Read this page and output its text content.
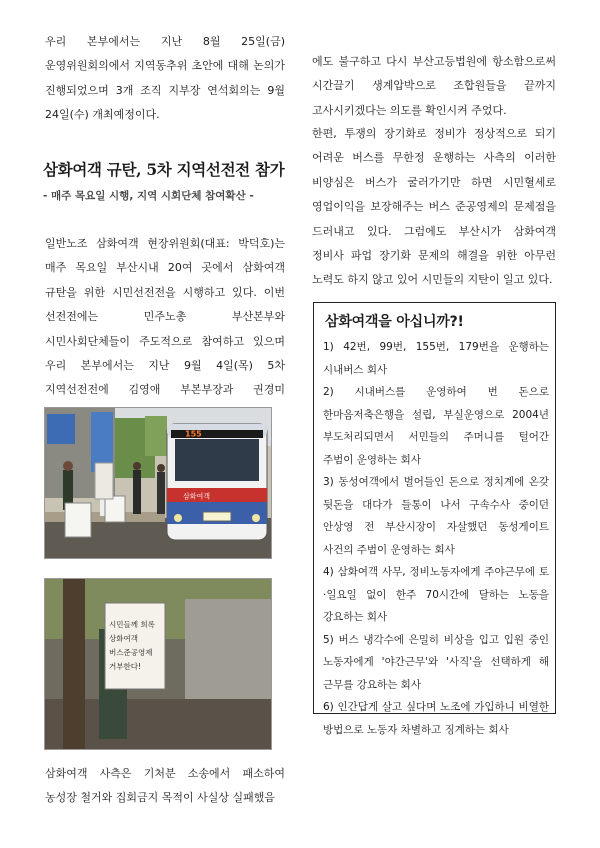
우리 본부에서는 지난 8월 25일(금) 운영위원회의에서 지역동추위 초안에 대해 논의가 진행되었으며 3개 조직 지부장 연석회의는 9월 24일(수) 개최예정이다.

삼화여객 규탄, 5차 지역선전전 참가

- 매주 목요일 시행, 지역 시회단체 참여확산 -

일반노조 삼화여객 현장위원회(대표: 박덕호)는 매주 목요일 부산시내 20여 곳에서 삼화여객 규탄을 위한 시민선전전을 시행하고 있다. 이번 선전전에는 민주노총 부산본부와 시민사회단체들이 주도적으로 참여하고 있으며 우리 본부에서는 지난 9월 4일(목) 5차 지역선전전에 김영애 부본부장과 권경미

155
삼화여객
시민들께 희록
상화여객
버스준공영제
거부한다!

삼화여객 사측은 기처분 소송에서 패소하여 농성장 철거와 집회금지 목적이 사실상 실패했음

에도 불구하고 다시 부산고등법원에 항소함으로써 시간끌기 생계압박으로 조합원들을 끝까지 고사시키겠다는 의도를 확인시켜 주었다.

한편, 투쟁의 장기화로 정비가 정상적으로 되기 어려운 버스를 무한정 운행하는 사측의 이러한 비양심은 버스가 굴러가기만 하면 시민혈세로 영업이익을 보장해주는 버스 준공영제의 문제점을 드러내고 있다. 그럼에도 부산시가 삼화여객 정비사 파업 장기화 문제의 해결을 위한 아무런 노력도 하지 않고 있어 시민들의 지탄이 일고 있다.

삼화여객을 아십니까?!

1) 42번, 99번, 155번, 179번을 운행하는 시내버스 회사

2) 시내버스를 운영하여 번 돈으로 한마음저축은행을 설립, 부실운영으로 2004년 부도처리되면서 서민들의 주머니를 털어간 주범이 운영하는 회사

3) 동성여객에서 벌어들인 돈으로 정치계에 온갖 뒷돈을 대다가 들통이 나서 구속수사 중이던 안상영 전 부산시장이 자살했던 동성게이트 사건의 주범이 운영하는 회사

4) 삼화여객 사무, 정비노동자에게 주야근무에 토·일요일 없이 한주 70시간에 달하는 노동을 강요하는 회사

5) 버스 냉각수에 은밀히 비상을 입고 입원 중인 노동자에게 '야간근무'와 '사직'을 선택하게 해 근무를 강요하는 회사

6) 인간답게 살고 싶다며 노조에 가입하니 비열한 방법으로 노동자 차별하고 징계하는 회사
